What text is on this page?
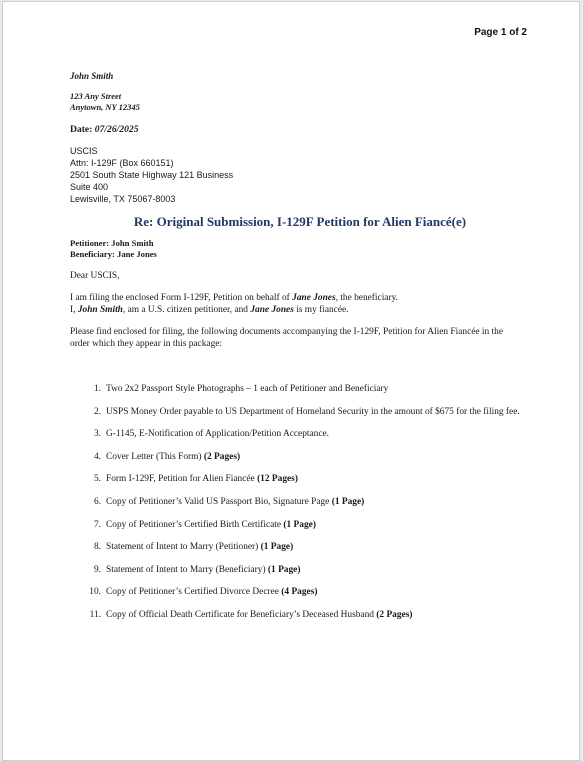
Page 1 of 2
John Smith
123 Any Street
Anytown, NY 12345
Date: 07/26/2025
USCIS
Attn: I-129F (Box 660151)
2501 South State Highway 121 Business
Suite 400
Lewisville, TX 75067-8003
Re: Original Submission, I-129F Petition for Alien Fiancé(e)
Petitioner: John Smith
Beneficiary: Jane Jones
Dear USCIS,
I am filing the enclosed Form I-129F, Petition on behalf of Jane Jones, the beneficiary.
I, John Smith, am a U.S. citizen petitioner, and Jane Jones is my fiancée.
Please find enclosed for filing, the following documents accompanying the I-129F, Petition for Alien Fiancée in the order which they appear in this package:
1. Two 2x2 Passport Style Photographs – 1 each of Petitioner and Beneficiary
2. USPS Money Order payable to US Department of Homeland Security in the amount of $675 for the filing fee.
3. G-1145, E-Notification of Application/Petition Acceptance.
4. Cover Letter (This Form) (2 Pages)
5. Form I-129F, Petition for Alien Fiancée (12 Pages)
6. Copy of Petitioner’s Valid US Passport Bio, Signature Page (1 Page)
7. Copy of Petitioner’s Certified Birth Certificate (1 Page)
8. Statement of Intent to Marry (Petitioner) (1 Page)
9. Statement of Intent to Marry (Beneficiary) (1 Page)
10. Copy of Petitioner’s Certified Divorce Decree (4 Pages)
11. Copy of Official Death Certificate for Beneficiary’s Deceased Husband (2 Pages)
